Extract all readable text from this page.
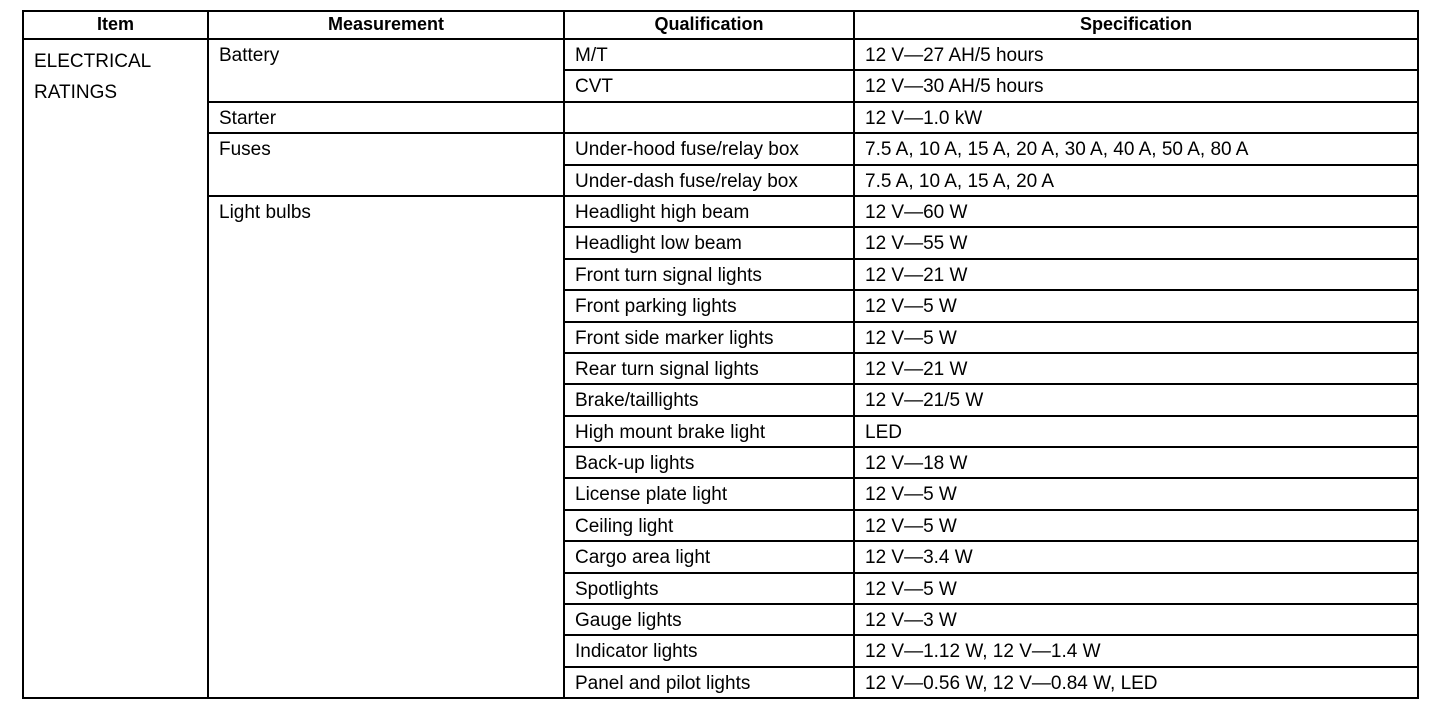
Item	Measurement	Qualification	Specification

ELECTRICAL
RATINGS	Battery	M/T	12 V—27 AH/5 hours
		CVT	12 V—30 AH/5 hours
	Starter		12 V—1.0 kW
	Fuses	Under-hood fuse/relay box	7.5 A, 10 A, 15 A, 20 A, 30 A, 40 A, 50 A, 80 A
		Under-dash fuse/relay box	7.5 A, 10 A, 15 A, 20 A
	Light bulbs	Headlight high beam	12 V—60 W
		Headlight low beam	12 V—55 W
		Front turn signal lights	12 V—21 W
		Front parking lights	12 V—5 W
		Front side marker lights	12 V—5 W
		Rear turn signal lights	12 V—21 W
		Brake/taillights	12 V—21/5 W
		High mount brake light	LED
		Back-up lights	12 V—18 W
		License plate light	12 V—5 W
		Ceiling light	12 V—5 W
		Cargo area light	12 V—3.4 W
		Spotlights	12 V—5 W
		Gauge lights	12 V—3 W
		Indicator lights	12 V—1.12 W, 12 V—1.4 W
		Panel and pilot lights	12 V—0.56 W, 12 V—0.84 W, LED
